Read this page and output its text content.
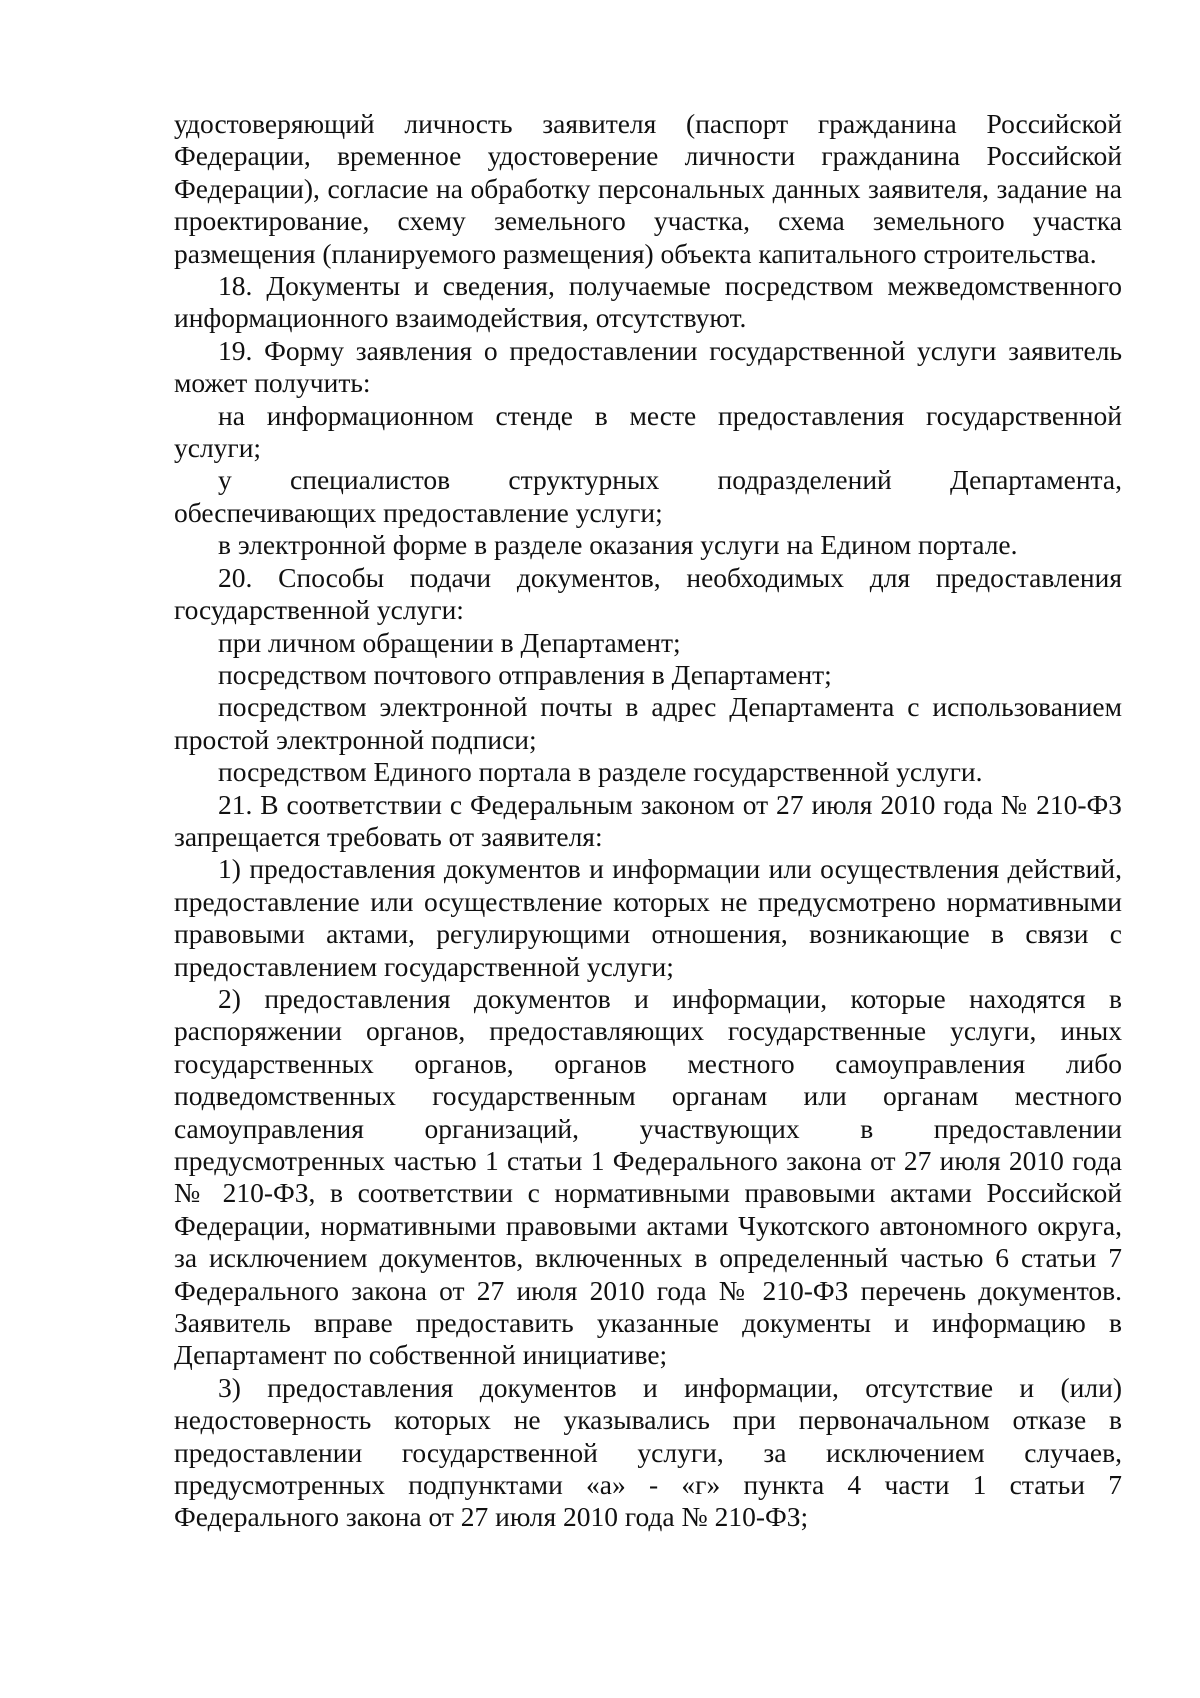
удостоверяющий личность заявителя (паспорт гражданина Российской Федерации, временное удостоверение личности гражданина Российской Федерации), согласие на обработку персональных данных заявителя, задание на проектирование, схему земельного участка, схема земельного участка размещения (планируемого размещения) объекта капитального строительства.

18. Документы и сведения, получаемые посредством межведомственного информационного взаимодействия, отсутствуют.

19. Форму заявления о предоставлении государственной услуги заявитель может получить:

на информационном стенде в месте предоставления государственной услуги;

у специалистов структурных подразделений Департамента, обеспечивающих предоставление услуги;

в электронной форме в разделе оказания услуги на Едином портале.

20. Способы подачи документов, необходимых для предоставления государственной услуги:

при личном обращении в Департамент;

посредством почтового отправления в Департамент;

посредством электронной почты в адрес Департамента с использованием простой электронной подписи;

посредством Единого портала в разделе государственной услуги.

21. В соответствии с Федеральным законом от 27 июля 2010 года № 210-ФЗ запрещается требовать от заявителя:

1) предоставления документов и информации или осуществления действий, предоставление или осуществление которых не предусмотрено нормативными правовыми актами, регулирующими отношения, возникающие в связи с предоставлением государственной услуги;

2) предоставления документов и информации, которые находятся в распоряжении органов, предоставляющих государственные услуги, иных государственных органов, органов местного самоуправления либо подведомственных государственным органам или органам местного самоуправления организаций, участвующих в предоставлении предусмотренных частью 1 статьи 1 Федерального закона от 27 июля 2010 года № 210-ФЗ, в соответствии с нормативными правовыми актами Российской Федерации, нормативными правовыми актами Чукотского автономного округа, за исключением документов, включенных в определенный частью 6 статьи 7 Федерального закона от 27 июля 2010 года № 210-ФЗ перечень документов. Заявитель вправе предоставить указанные документы и информацию в Департамент по собственной инициативе;

3) предоставления документов и информации, отсутствие и (или) недостоверность которых не указывались при первоначальном отказе в предоставлении государственной услуги, за исключением случаев, предусмотренных подпунктами «а» - «г» пункта 4 части 1 статьи 7 Федерального закона от 27 июля 2010 года № 210-ФЗ;
